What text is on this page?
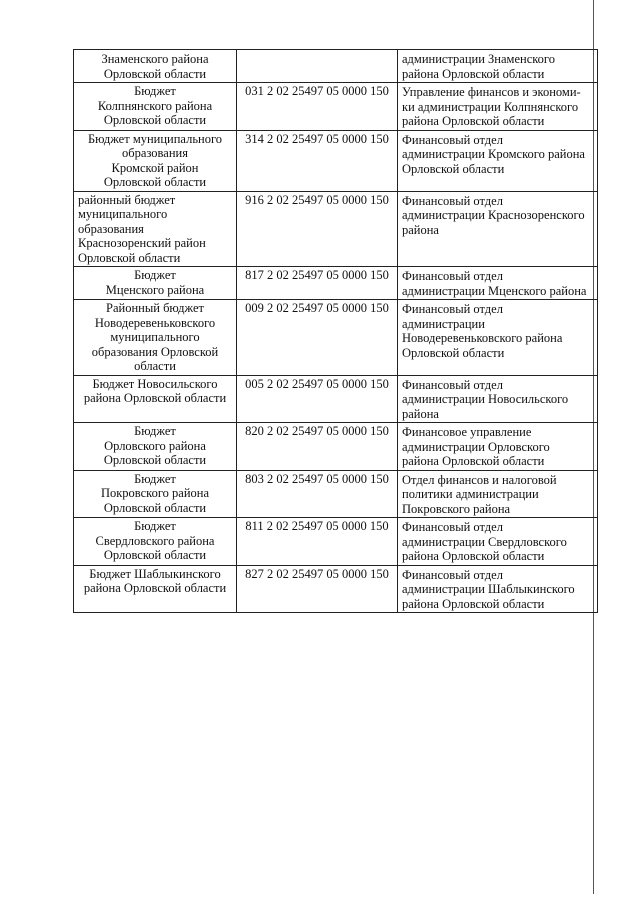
Знаменского района
Орловской области		администрации Знаменского
района Орловской области

Бюджет
Колпнянского района
Орловской области	031 2 02 25497 05 0000 150	Управление финансов и экономи-
ки администрации Колпнянского
района Орловской области

Бюджет муниципального
образования
Кромской район
Орловской области	314 2 02 25497 05 0000 150	Финансовый отдел
администрации Кромского района
Орловской области

районный бюджет
муниципального
образования
Краснозоренский район
Орловской области	916 2 02 25497 05 0000 150	Финансовый отдел
администрации Краснозоренского
района

Бюджет
Мценского района	817 2 02 25497 05 0000 150	Финансовый отдел
администрации Мценского района

Районный бюджет
Новодеревеньковского
муниципального
образования Орловской
области	009 2 02 25497 05 0000 150	Финансовый отдел
администрации
Новодеревеньковского района
Орловской области

Бюджет Новосильского
района Орловской области	005 2 02 25497 05 0000 150	Финансовый отдел
администрации Новосильского
района

Бюджет
Орловского района
Орловской области	820 2 02 25497 05 0000 150	Финансовое управление
администрации Орловского
района Орловской области

Бюджет
Покровского района
Орловской области	803 2 02 25497 05 0000 150	Отдел финансов и налоговой
политики администрации
Покровского района

Бюджет
Свердловского района
Орловской области	811 2 02 25497 05 0000 150	Финансовый отдел
администрации Свердловского
района Орловской области

Бюджет Шаблыкинского
района Орловской области	827 2 02 25497 05 0000 150	Финансовый отдел
администрации Шаблыкинского
района Орловской области
